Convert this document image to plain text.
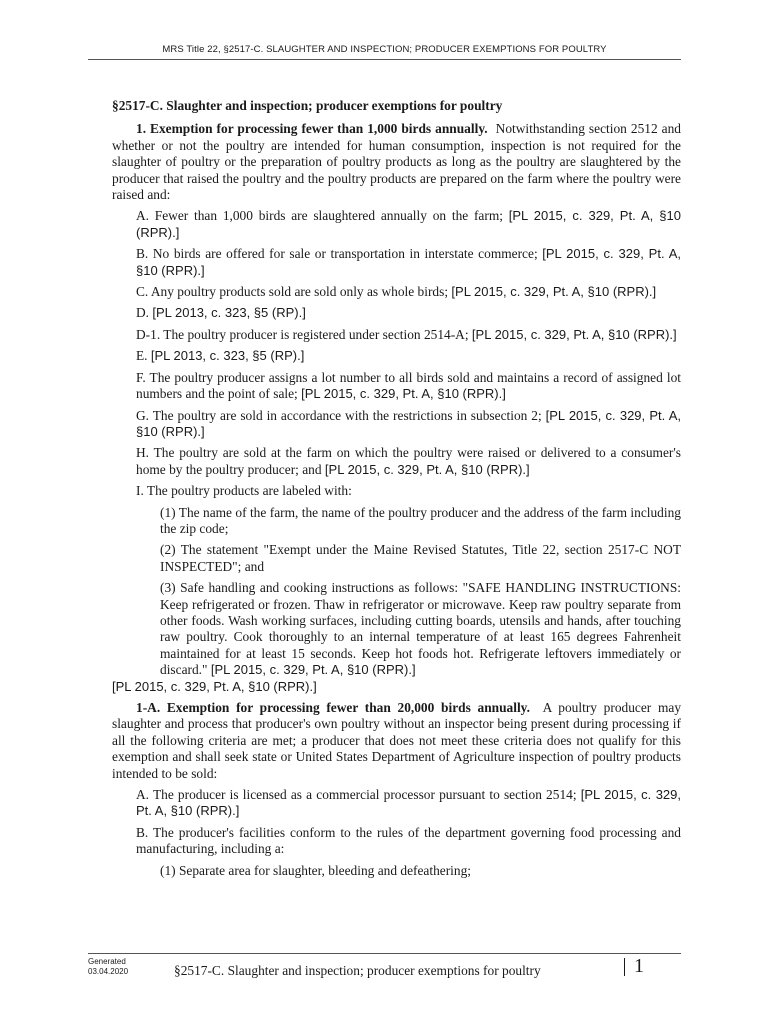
MRS Title 22, §2517-C. SLAUGHTER AND INSPECTION; PRODUCER EXEMPTIONS FOR POULTRY

§2517-C. Slaughter and inspection; producer exemptions for poultry

1. Exemption for processing fewer than 1,000 birds annually. Notwithstanding section 2512 and whether or not the poultry are intended for human consumption, inspection is not required for the slaughter of poultry or the preparation of poultry products as long as the poultry are slaughtered by the producer that raised the poultry and the poultry products are prepared on the farm where the poultry were raised and:

A. Fewer than 1,000 birds are slaughtered annually on the farm; [PL 2015, c. 329, Pt. A, §10 (RPR).]

B. No birds are offered for sale or transportation in interstate commerce; [PL 2015, c. 329, Pt. A, §10 (RPR).]

C. Any poultry products sold are sold only as whole birds; [PL 2015, c. 329, Pt. A, §10 (RPR).]

D. [PL 2013, c. 323, §5 (RP).]

D-1. The poultry producer is registered under section 2514-A; [PL 2015, c. 329, Pt. A, §10 (RPR).]

E. [PL 2013, c. 323, §5 (RP).]

F. The poultry producer assigns a lot number to all birds sold and maintains a record of assigned lot numbers and the point of sale; [PL 2015, c. 329, Pt. A, §10 (RPR).]

G. The poultry are sold in accordance with the restrictions in subsection 2; [PL 2015, c. 329, Pt. A, §10 (RPR).]

H. The poultry are sold at the farm on which the poultry were raised or delivered to a consumer's home by the poultry producer; and [PL 2015, c. 329, Pt. A, §10 (RPR).]

I. The poultry products are labeled with:

(1) The name of the farm, the name of the poultry producer and the address of the farm including the zip code;

(2) The statement "Exempt under the Maine Revised Statutes, Title 22, section 2517-C NOT INSPECTED"; and

(3) Safe handling and cooking instructions as follows: "SAFE HANDLING INSTRUCTIONS: Keep refrigerated or frozen. Thaw in refrigerator or microwave. Keep raw poultry separate from other foods. Wash working surfaces, including cutting boards, utensils and hands, after touching raw poultry. Cook thoroughly to an internal temperature of at least 165 degrees Fahrenheit maintained for at least 15 seconds. Keep hot foods hot. Refrigerate leftovers immediately or discard." [PL 2015, c. 329, Pt. A, §10 (RPR).]

[PL 2015, c. 329, Pt. A, §10 (RPR).]

1-A. Exemption for processing fewer than 20,000 birds annually. A poultry producer may slaughter and process that producer's own poultry without an inspector being present during processing if all the following criteria are met; a producer that does not meet these criteria does not qualify for this exemption and shall seek state or United States Department of Agriculture inspection of poultry products intended to be sold:

A. The producer is licensed as a commercial processor pursuant to section 2514; [PL 2015, c. 329, Pt. A, §10 (RPR).]

B. The producer's facilities conform to the rules of the department governing food processing and manufacturing, including a:

(1) Separate area for slaughter, bleeding and defeathering;

Generated
03.04.2020	§2517-C. Slaughter and inspection; producer exemptions for poultry	1
